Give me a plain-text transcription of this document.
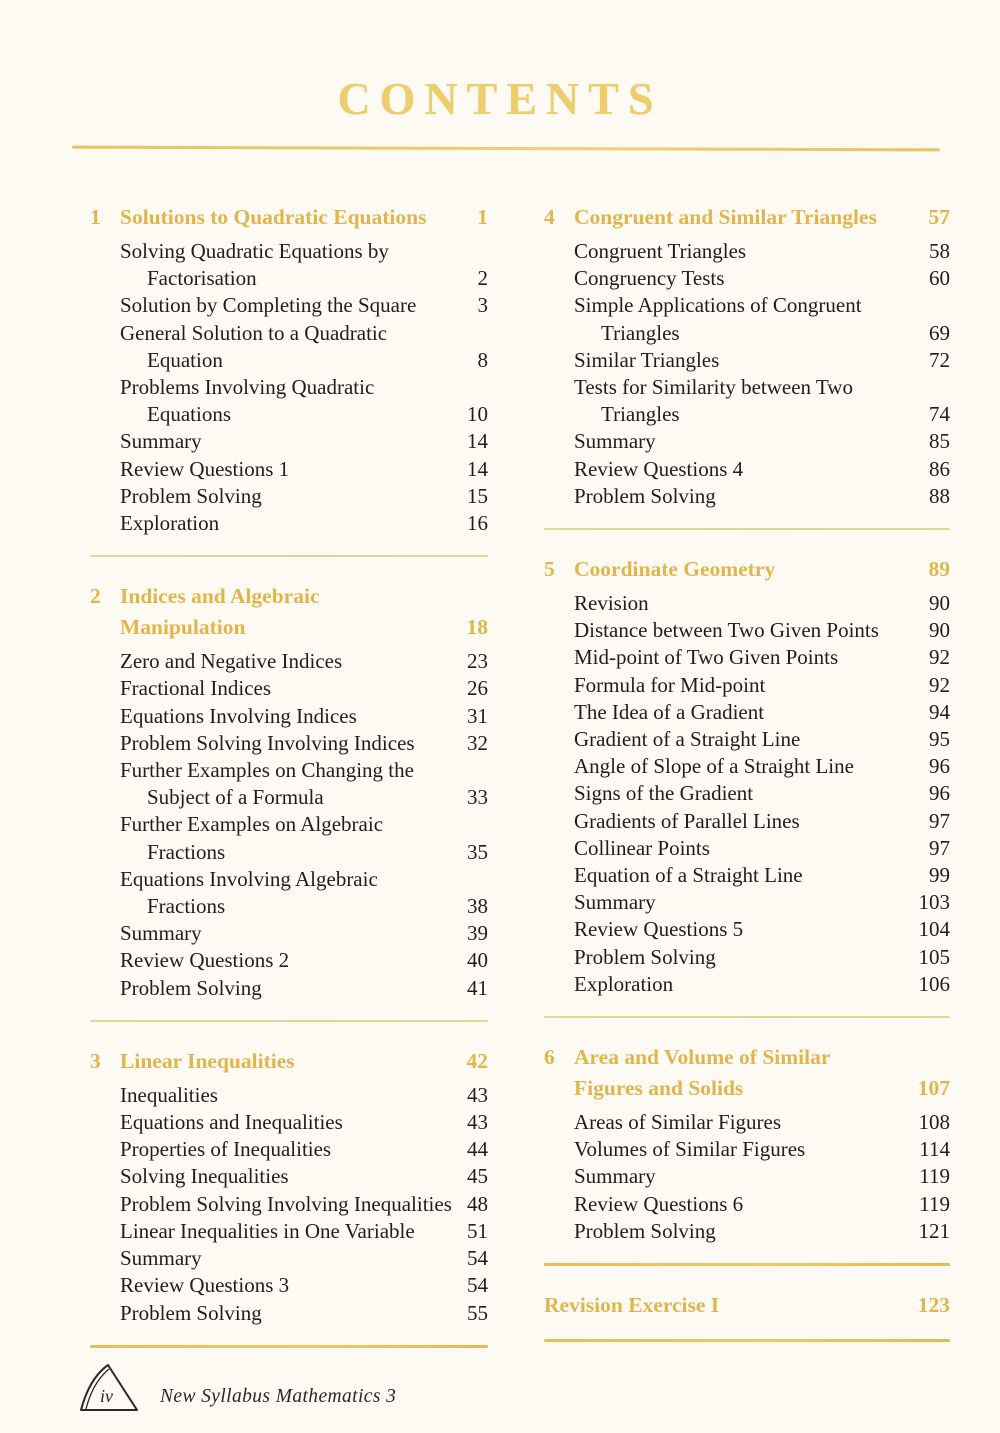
CONTENTS
1 Solutions to Quadratic Equations 1
Solving Quadratic Equations by
Factorisation	2
Solution by Completing the Square	3
General Solution to a Quadratic
Equation	8
Problems Involving Quadratic
Equations	10
Summary	14
Review Questions 1	14
Problem Solving	15
Exploration	16
2 Indices and Algebraic
Manipulation	18
Zero and Negative Indices	23
Fractional Indices	26
Equations Involving Indices	31
Problem Solving Involving Indices	32
Further Examples on Changing the
Subject of a Formula	33
Further Examples on Algebraic
Fractions	35
Equations Involving Algebraic
Fractions	38
Summary	39
Review Questions 2	40
Problem Solving	41
3 Linear Inequalities	42
Inequalities	43
Equations and Inequalities	43
Properties of Inequalities	44
Solving Inequalities	45
Problem Solving Involving Inequalities 48
Linear Inequalities in One Variable	51
Summary	54
Review Questions 3	54
Problem Solving	55
4 Congruent and Similar Triangles 57
Congruent Triangles	58
Congruency Tests	60
Simple Applications of Congruent
Triangles	69
Similar Triangles	72
Tests for Similarity between Two
Triangles	74
Summary	85
Review Questions 4	86
Problem Solving	88
5 Coordinate Geometry	89
Revision	90
Distance between Two Given Points	90
Mid-point of Two Given Points	92
Formula for Mid-point	92
The Idea of a Gradient	94
Gradient of a Straight Line	95
Angle of Slope of a Straight Line	96
Signs of the Gradient	96
Gradients of Parallel Lines	97
Collinear Points	97
Equation of a Straight Line	99
Summary	103
Review Questions 5	104
Problem Solving	105
Exploration	106
6 Area and Volume of Similar
Figures and Solids	107
Areas of Similar Figures	108
Volumes of Similar Figures	114
Summary	119
Review Questions 6	119
Problem Solving	121
Revision Exercise I	123
iv New Syllabus Mathematics 3
